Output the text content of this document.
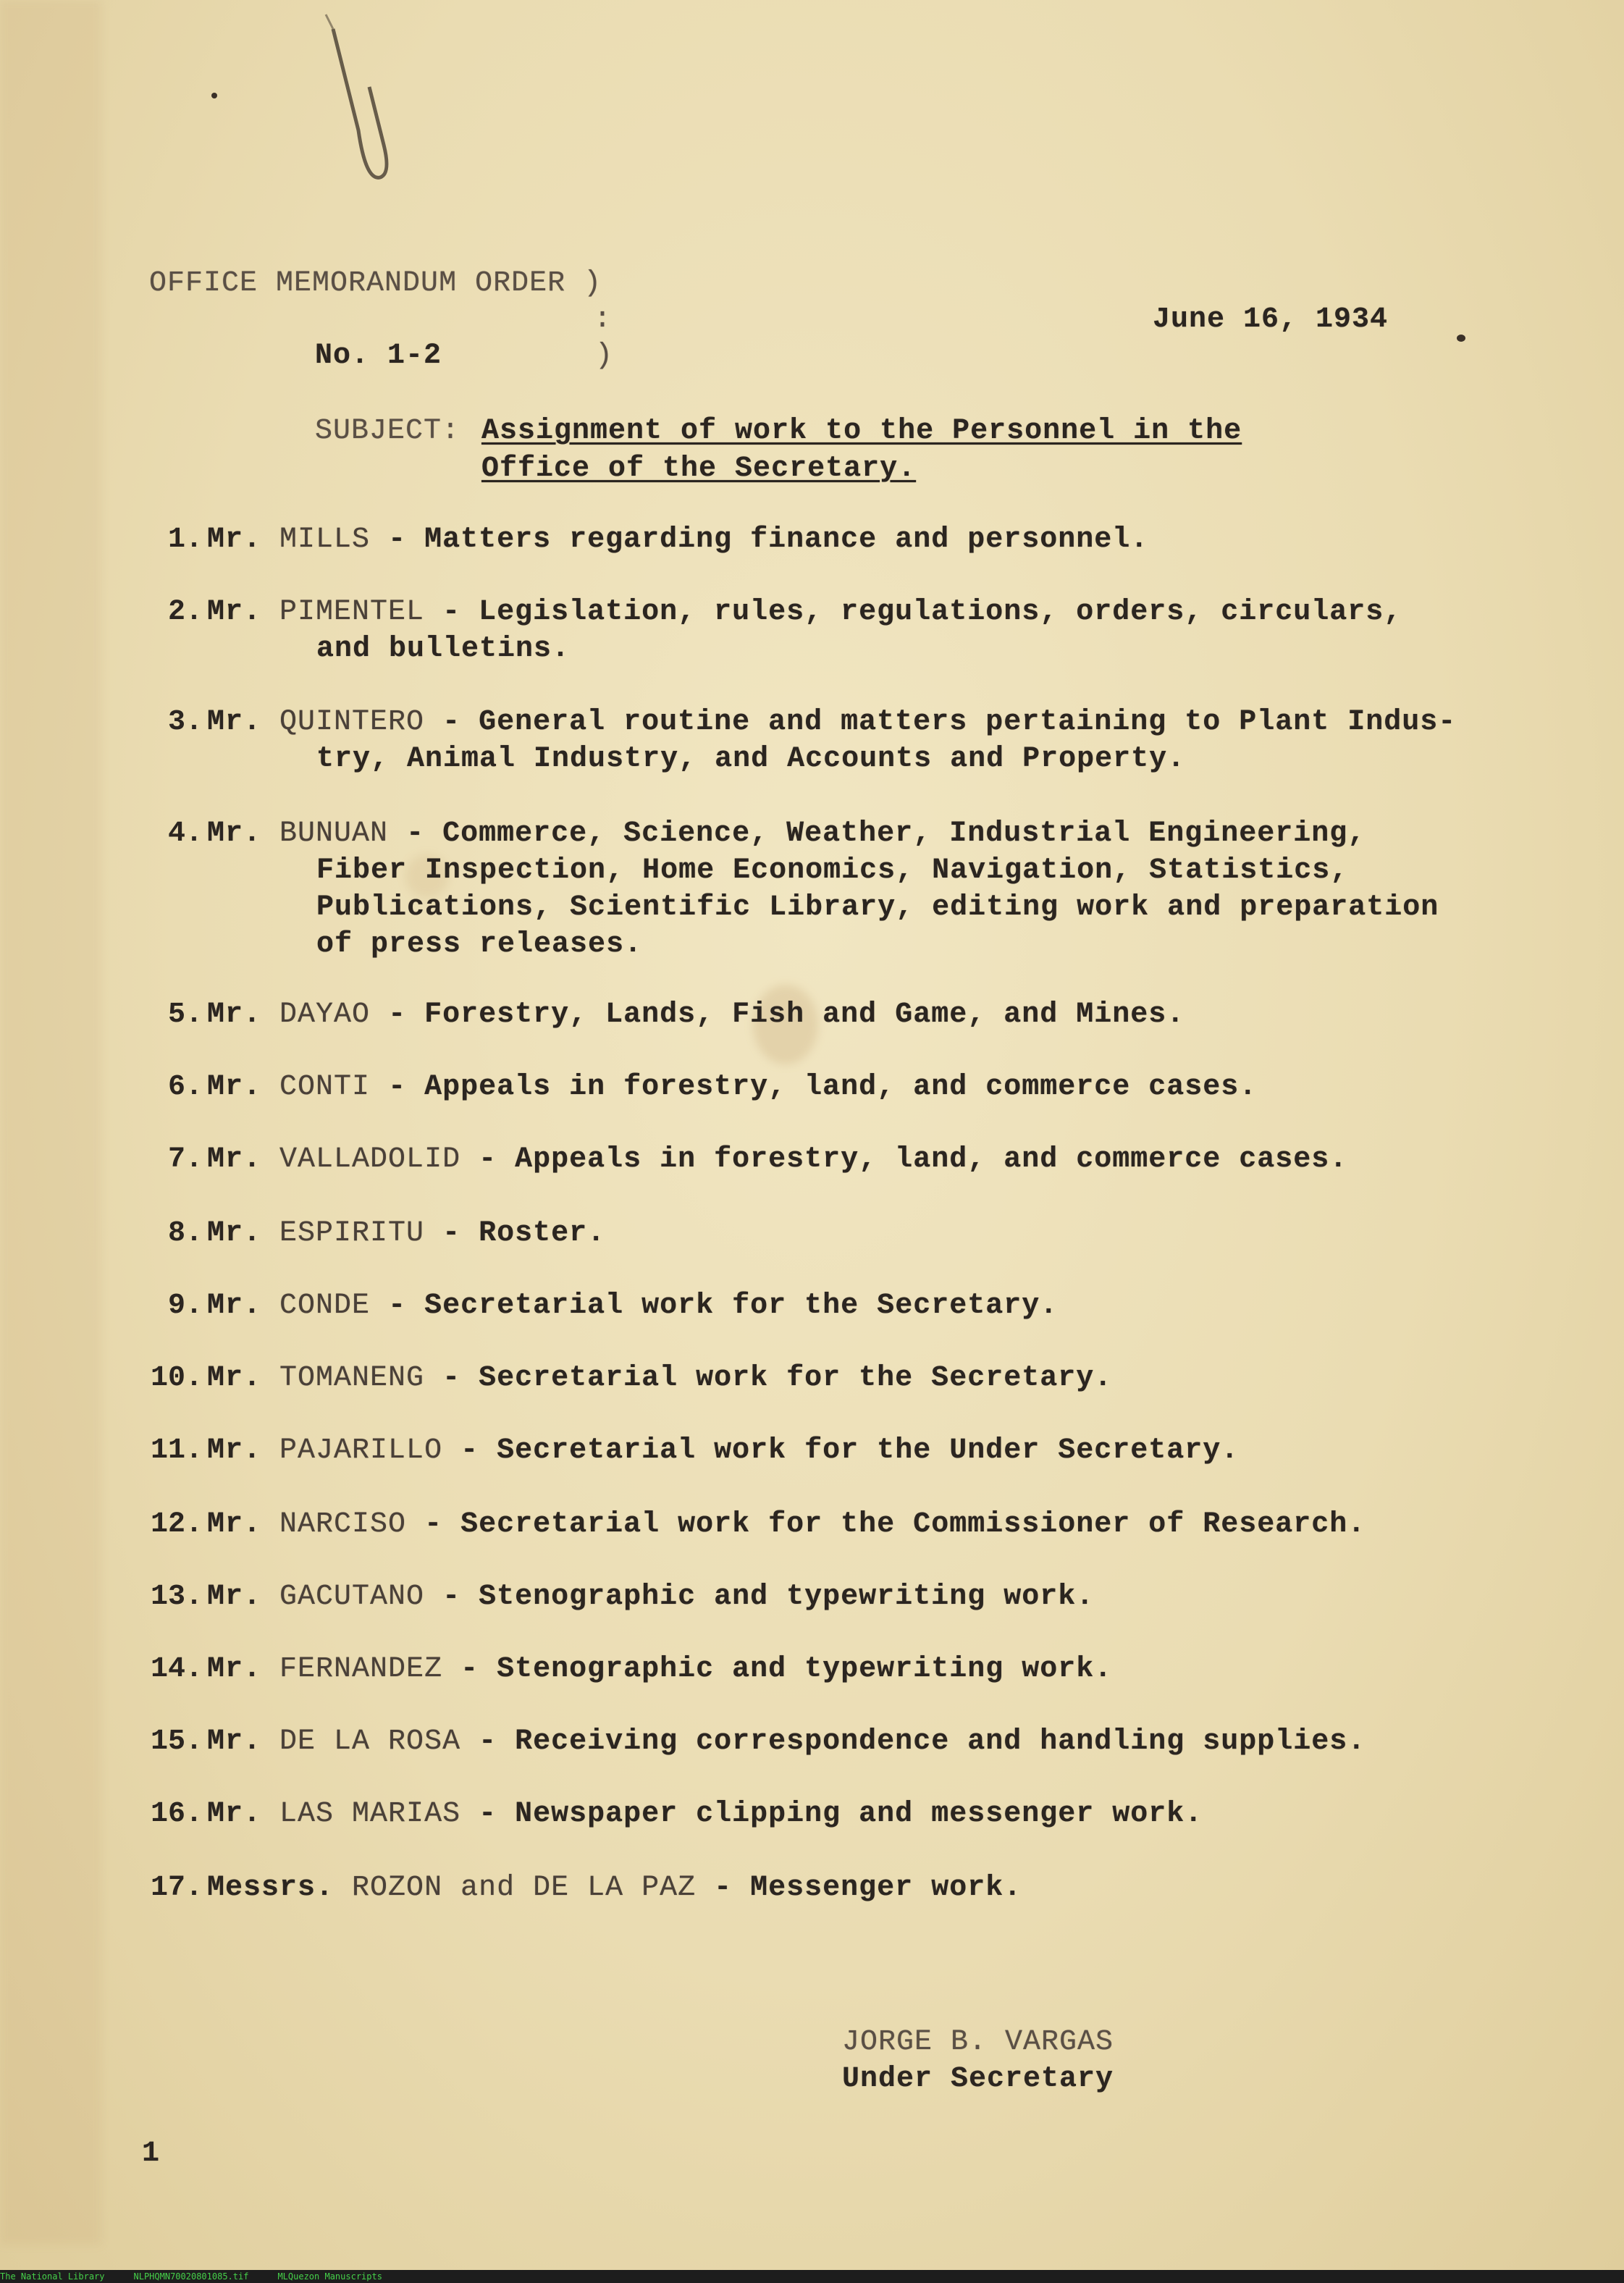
OFFICE MEMORANDUM ORDER )
:
No. 1-2	)
June 16, 1934
SUBJECT: Assignment of work to the Personnel in the
Office of the Secretary.
1. Mr. MILLS - Matters regarding finance and personnel.
2. Mr. PIMENTEL - Legislation, rules, regulations, orders, circulars,
and bulletins.
3. Mr. QUINTERO - General routine and matters pertaining to Plant Indus-
try, Animal Industry, and Accounts and Property.
4. Mr. BUNUAN - Commerce, Science, Weather, Industrial Engineering,
Fiber Inspection, Home Economics, Navigation, Statistics,
Publications, Scientific Library, editing work and preparation
of press releases.
5. Mr. DAYAO - Forestry, Lands, Fish and Game, and Mines.
6. Mr. CONTI - Appeals in forestry, land, and commerce cases.
7. Mr. VALLADOLID - Appeals in forestry, land, and commerce cases.
8. Mr. ESPIRITU - Roster.
9. Mr. CONDE - Secretarial work for the Secretary.
10. Mr. TOMANENG - Secretarial work for the Secretary.
11. Mr. PAJARILLO - Secretarial work for the Under Secretary.
12. Mr. NARCISO - Secretarial work for the Commissioner of Research.
13. Mr. GACUTANO - Stenographic and typewriting work.
14. Mr. FERNANDEZ - Stenographic and typewriting work.
15. Mr. DE LA ROSA - Receiving correspondence and handling supplies.
16. Mr. LAS MARIAS - Newspaper clipping and messenger work.
17. Messrs. ROZON and DE LA PAZ - Messenger work.
JORGE B. VARGAS
Under Secretary
1
The National Library	NLPHQMN70020801085.tif	MLQuezon Manuscripts
